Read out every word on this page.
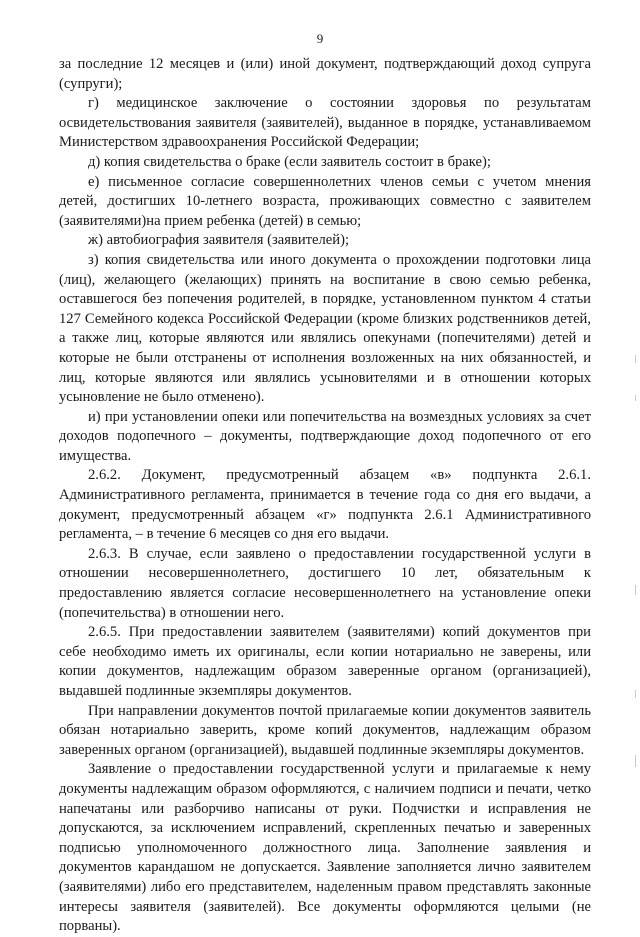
9

за последние 12 месяцев и (или) иной документ, подтверждающий доход супруга (супруги);

г) медицинское заключение о состоянии здоровья по результатам освидетельствования заявителя (заявителей), выданное в порядке, устанавливаемом Министерством здравоохранения Российской Федерации;

д) копия свидетельства о браке (если заявитель состоит в браке);

е) письменное согласие совершеннолетних членов семьи с учетом мнения детей, достигших 10-летнего возраста, проживающих совместно с заявителем (заявителями)на прием ребенка (детей) в семью;

ж) автобиография заявителя (заявителей);

з) копия свидетельства или иного документа о прохождении подготовки лица (лиц), желающего (желающих) принять на воспитание в свою семью ребенка, оставшегося без попечения родителей, в порядке, установленном пунктом 4 статьи 127 Семейного кодекса Российской Федерации (кроме близких родственников детей, а также лиц, которые являются или являлись опекунами (попечителями) детей и которые не были отстранены от исполнения возложенных на них обязанностей, и лиц, которые являются или являлись усыновителями и в отношении которых усыновление не было отменено).

и) при установлении опеки или попечительства на возмездных условиях за счет доходов подопечного – документы, подтверждающие доход подопечного от его имущества.

2.6.2. Документ, предусмотренный абзацем «в» подпункта 2.6.1. Административного регламента, принимается в течение года со дня его выдачи, а документ, предусмотренный абзацем «г» подпункта 2.6.1 Административного регламента, – в течение 6 месяцев со дня его выдачи.

2.6.3. В случае, если заявлено о предоставлении государственной услуги в отношении несовершеннолетнего, достигшего 10 лет, обязательным к предоставлению является согласие несовершеннолетнего на установление опеки (попечительства) в отношении него.

2.6.5. При предоставлении заявителем (заявителями) копий документов при себе необходимо иметь их оригиналы, если копии нотариально не заверены, или копии документов, надлежащим образом заверенные органом (организацией), выдавшей подлинные экземпляры документов.

При направлении документов почтой прилагаемые копии документов заявитель обязан нотариально заверить, кроме копий документов, надлежащим образом заверенных органом (организацией), выдавшей подлинные экземпляры документов.

Заявление о предоставлении государственной услуги и прилагаемые к нему документы надлежащим образом оформляются, с наличием подписи и печати, четко напечатаны или разборчиво написаны от руки. Подчистки и исправления не допускаются, за исключением исправлений, скрепленных печатью и заверенных подписью уполномоченного должностного лица. Заполнение заявления и документов карандашом не допускается. Заявление заполняется лично заявителем (заявителями) либо его представителем, наделенным правом представлять законные интересы заявителя (заявителей). Все документы оформляются целыми (не порваны).
